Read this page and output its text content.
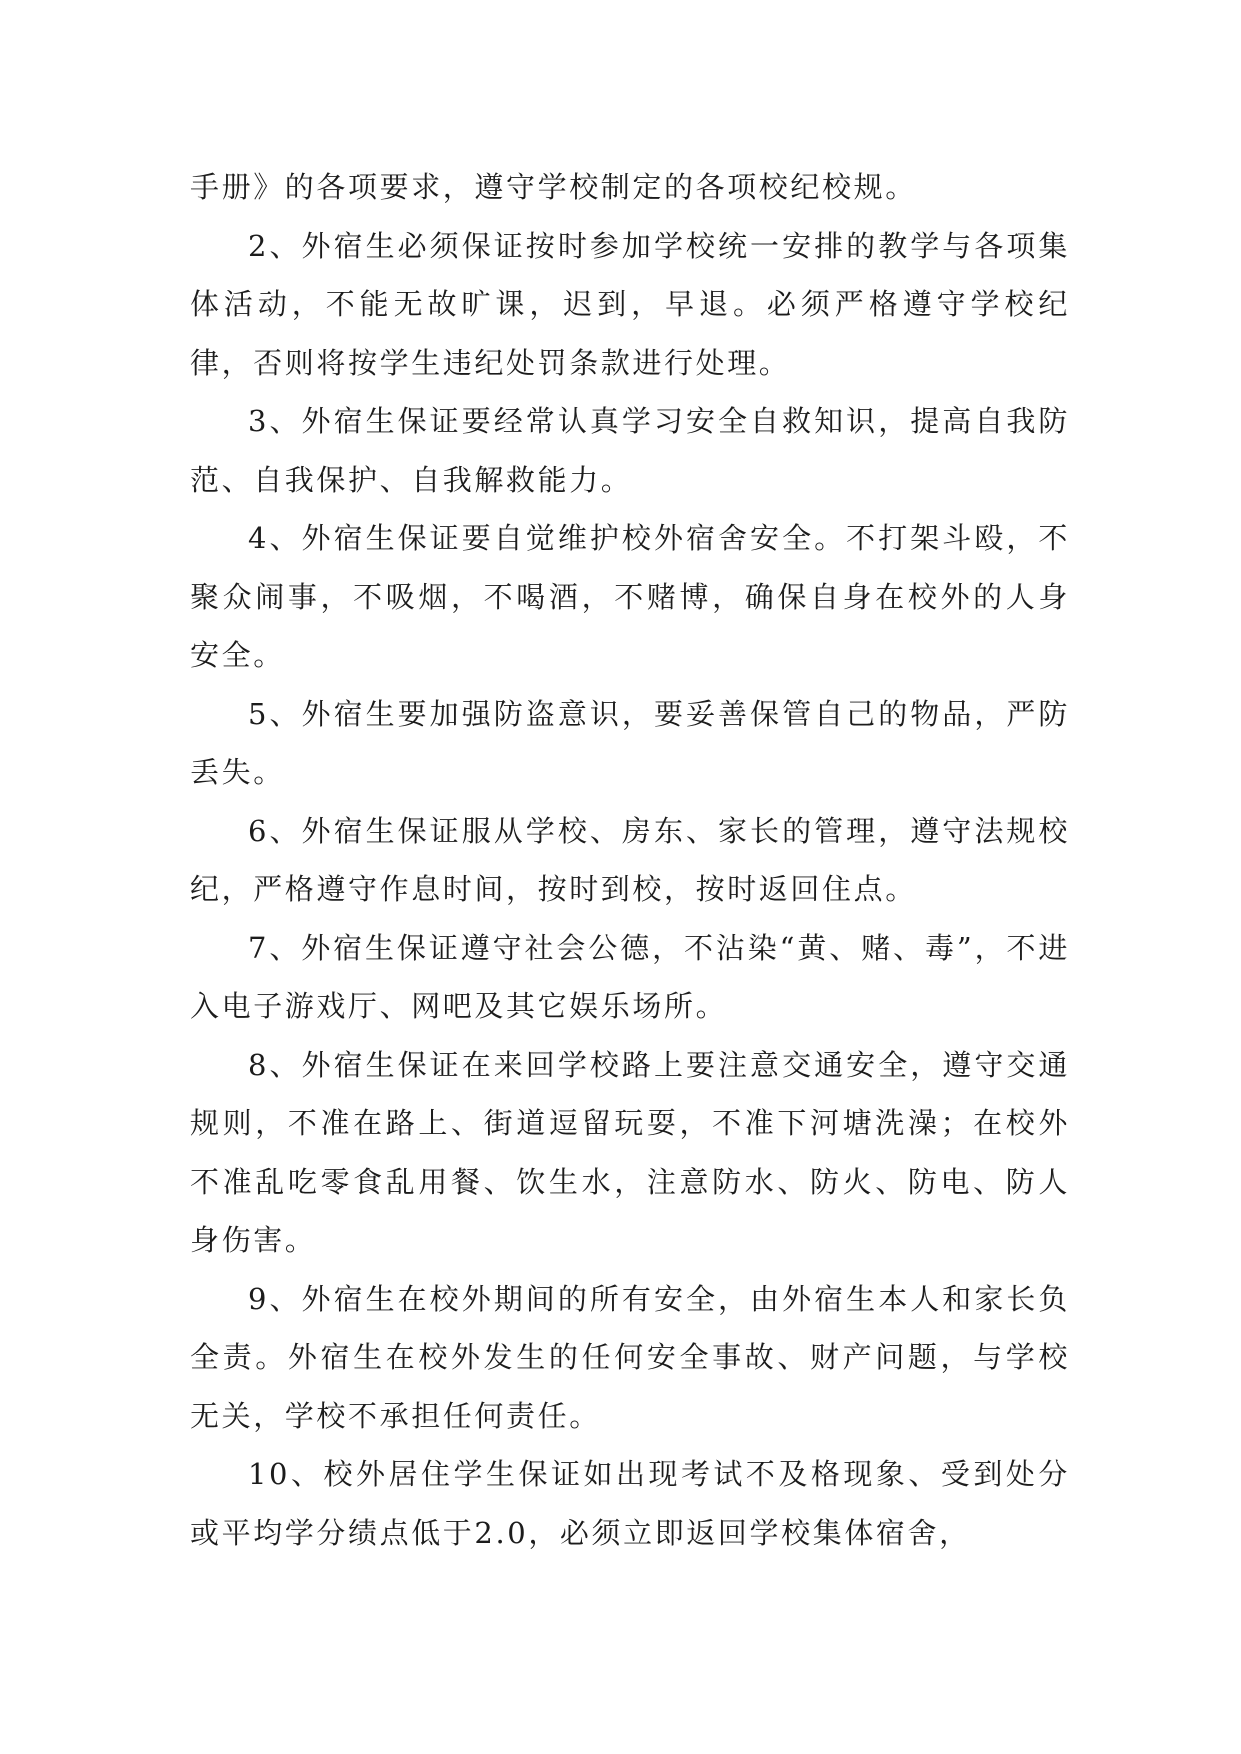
手册》的各项要求，遵守学校制定的各项校纪校规。

2、外宿生必须保证按时参加学校统一安排的教学与各项集体活动，不能无故旷课，迟到，早退。必须严格遵守学校纪律，否则将按学生违纪处罚条款进行处理。

3、外宿生保证要经常认真学习安全自救知识，提高自我防范、自我保护、自我解救能力。

4、外宿生保证要自觉维护校外宿舍安全。不打架斗殴，不聚众闹事，不吸烟，不喝酒，不赌博，确保自身在校外的人身安全。

5、外宿生要加强防盗意识，要妥善保管自己的物品，严防丢失。

6、外宿生保证服从学校、房东、家长的管理，遵守法规校纪，严格遵守作息时间，按时到校，按时返回住点。

7、外宿生保证遵守社会公德，不沾染“黄、赌、毒”，不进入电子游戏厅、网吧及其它娱乐场所。

8、外宿生保证在来回学校路上要注意交通安全，遵守交通规则，不准在路上、街道逗留玩耍，不准下河塘洗澡；在校外不准乱吃零食乱用餐、饮生水，注意防水、防火、防电、防人身伤害。

9、外宿生在校外期间的所有安全，由外宿生本人和家长负全责。外宿生在校外发生的任何安全事故、财产问题，与学校无关，学校不承担任何责任。

10、校外居住学生保证如出现考试不及格现象、受到处分或平均学分绩点低于2.0，必须立即返回学校集体宿舍，
